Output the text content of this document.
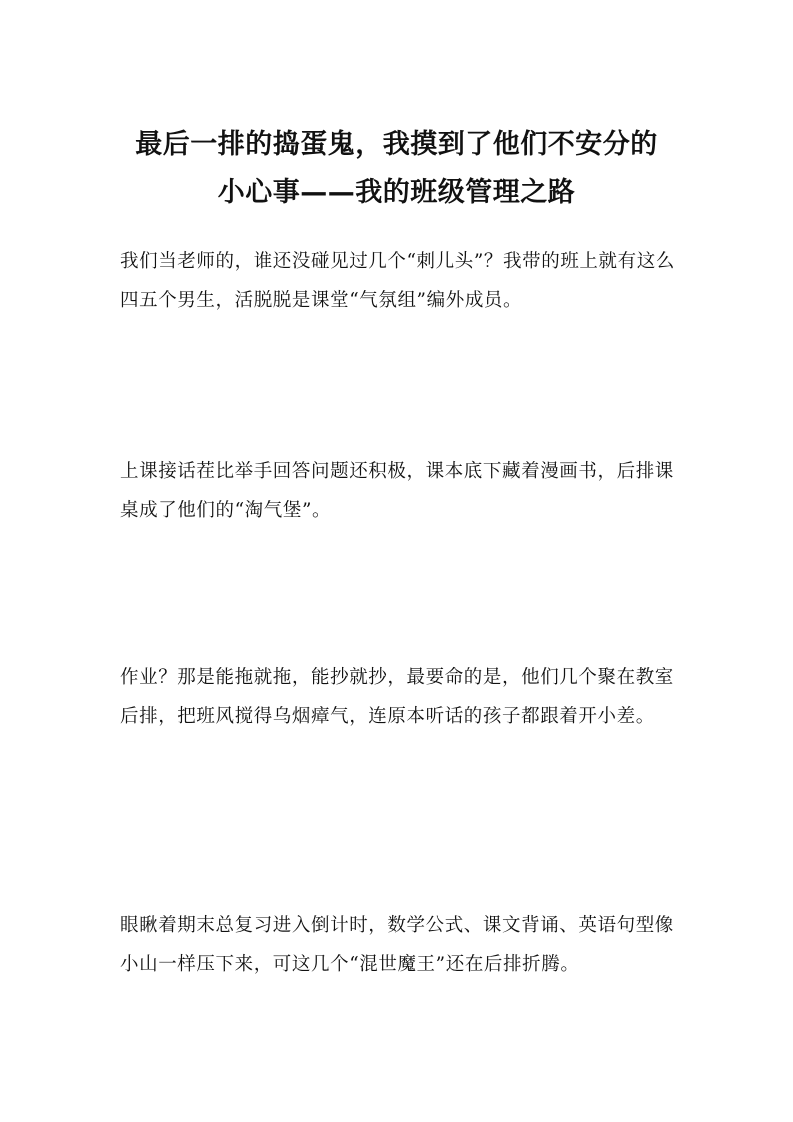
最后一排的捣蛋鬼，我摸到了他们不安分的
小心事——我的班级管理之路

我们当老师的，谁还没碰见过几个“刺儿头”？我带的班上就有这么四五个男生，活脱脱是课堂“气氛组”编外成员。

上课接话茬比举手回答问题还积极，课本底下藏着漫画书，后排课桌成了他们的“淘气堡”。

作业？那是能拖就拖，能抄就抄，最要命的是，他们几个聚在教室后排，把班风搅得乌烟瘴气，连原本听话的孩子都跟着开小差。

眼瞅着期末总复习进入倒计时，数学公式、课文背诵、英语句型像小山一样压下来，可这几个“混世魔王”还在后排折腾。
